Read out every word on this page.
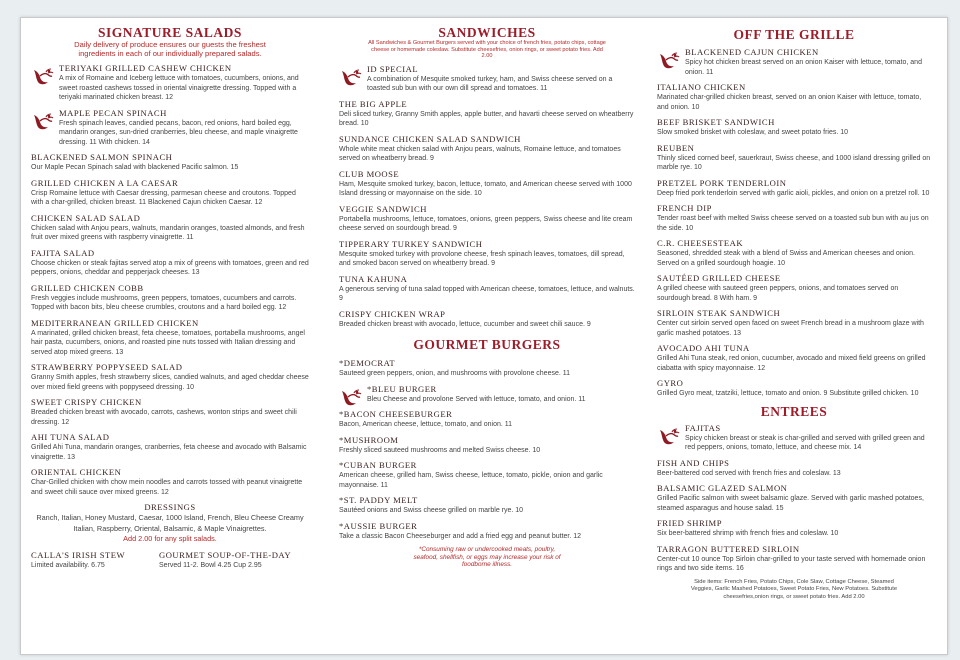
SIGNATURE SALADS

Daily delivery of produce ensures our guests the freshest ingredients in each of our individually prepared salads.

TERIYAKI GRILLED CASHEW CHICKEN
A mix of Romaine and Iceberg lettuce with tomatoes, cucumbers, onions, and sweet roasted cashews tossed in oriental vinaigrette dressing. Topped with a teriyaki marinated chicken breast. 12
MAPLE PECAN SPINACH
Fresh spinach leaves, candied pecans, bacon, red onions, hard boiled egg, mandarin oranges, sun-dried cranberries, bleu cheese, and maple vinaigrette dressing. 11 With chicken. 14
BLACKENED SALMON SPINACH
Our Maple Pecan Spinach salad with blackened Pacific salmon. 15
GRILLED CHICKEN A LA CAESAR
Crisp Romaine lettuce with Caesar dressing, parmesan cheese and croutons. Topped with a char-grilled, chicken breast. 11 Blackened Cajun chicken Caesar. 12
CHICKEN SALAD SALAD
Chicken salad with Anjou pears, walnuts, mandarin oranges, toasted almonds, and fresh fruit over mixed greens with raspberry vinaigrette. 11
FAJITA SALAD
Choose chicken or steak fajitas served atop a mix of greens with tomatoes, green and red peppers, onions, cheddar and pepperjack cheeses. 13
GRILLED CHICKEN COBB
Fresh veggies include mushrooms, green peppers, tomatoes, cucumbers and carrots. Topped with bacon bits, bleu cheese crumbles, croutons and a hard boiled egg. 12
MEDITERRANEAN GRILLED CHICKEN
A marinated, grilled chicken breast, feta cheese, tomatoes, portabella mushrooms, angel hair pasta, cucumbers, onions, and roasted pine nuts tossed with Italian dressing and served atop mixed greens. 13
STRAWBERRY POPPYSEED SALAD
Granny Smith apples, fresh strawberry slices, candied walnuts, and aged cheddar cheese over mixed field greens with poppyseed dressing. 10
SWEET CRISPY CHICKEN
Breaded chicken breast with avocado, carrots, cashews, wonton strips and sweet chili dressing. 12
AHI TUNA SALAD
Grilled Ahi Tuna, mandarin oranges, cranberries, feta cheese and avocado with Balsamic vinaigrette. 13
ORIENTAL CHICKEN
Char-Grilled chicken with chow mein noodles and carrots tossed with peanut vinaigrette and sweet chili sauce over mixed greens. 12
DRESSINGS
Ranch, Italian, Honey Mustard, Caesar, 1000 Island, French, Bleu Cheese Creamy Italian, Raspberry, Oriental, Balsamic, & Maple Vinaigrettes.
Add 2.00 for any split salads.
CALLA'S IRISH STEW
Limited availability. 6.75
GOURMET SOUP-OF-THE-DAY
Served 11-2. Bowl 4.25 Cup 2.95
SANDWICHES

All Sandwiches & Gourmet Burgers served with your choice of french fries, potato chips, cottage cheese or homemade coleslaw. Substitute cheesefries, onion rings, or sweet potato fries. Add 2.00

ID SPECIAL
A combination of Mesquite smoked turkey, ham, and Swiss cheese served on a toasted sub bun with our own dill spread and tomatoes. 11
THE BIG APPLE
Deli sliced turkey, Granny Smith apples, apple butter, and havarti cheese served on wheatberry bread. 10
SUNDANCE CHICKEN SALAD SANDWICH
Whole white meat chicken salad with Anjou pears, walnuts, Romaine lettuce, and tomatoes served on wheatberry bread. 9
CLUB MOOSE
Ham, Mesquite smoked turkey, bacon, lettuce, tomato, and American cheese served with 1000 Island dressing or mayonnaise on the side. 10
VEGGIE SANDWICH
Portabella mushrooms, lettuce, tomatoes, onions, green peppers, Swiss cheese and lite cream cheese served on sourdough bread. 9
TIPPERARY TURKEY SANDWICH
Mesquite smoked turkey with provolone cheese, fresh spinach leaves, tomatoes, dill spread, and smoked bacon served on wheatberry bread. 9
TUNA KAHUNA
A generous serving of tuna salad topped with American cheese, tomatoes, lettuce, and walnuts. 9
CRISPY CHICKEN WRAP
Breaded chicken breast with avocado, lettuce, cucumber and sweet chili sauce. 9
GOURMET BURGERS
*DEMOCRAT
Sauteed green peppers, onion, and mushrooms with provolone cheese. 11
*BLEU BURGER
Bleu Cheese and provolone Served with lettuce, tomato, and onion. 11
*BACON CHEESEBURGER
Bacon, American cheese, lettuce, tomato, and onion. 11
*MUSHROOM
Freshly sliced sauteed mushrooms and melted Swiss cheese. 10
*CUBAN BURGER
American cheese, grilled ham, Swiss cheese, lettuce, tomato, pickle, onion and garlic mayonnaise. 11
*ST. PADDY MELT
Sautéed onions and Swiss cheese grilled on marble rye. 10
*AUSSIE BURGER
Take a classic Bacon Cheeseburger and add a fried egg and peanut butter. 12
*Consuming raw or undercooked meats, poultry, seafood, shellfish, or eggs may increase your risk of foodborne illness.
OFF THE GRILLE
BLACKENED CAJUN CHICKEN
Spicy hot chicken breast served on an onion Kaiser with lettuce, tomato, and onion. 11
ITALIANO CHICKEN
Marinated char-grilled chicken breast, served on an onion Kaiser with lettuce, tomato, and onion. 10
BEEF BRISKET SANDWICH
Slow smoked brisket with coleslaw, and sweet potato fries. 10
REUBEN
Thinly sliced corned beef, sauerkraut, Swiss cheese, and 1000 island dressing grilled on marble rye. 10
PRETZEL PORK TENDERLOIN
Deep fried pork tenderloin served with garlic aioli, pickles, and onion on a pretzel roll. 10
FRENCH DIP
Tender roast beef with melted Swiss cheese served on a toasted sub bun with au jus on the side. 10
C.R. CHEESESTEAK
Seasoned, shredded steak with a blend of Swiss and American cheeses and onion. Served on a grilled sourdough hoagie. 10
SAUTÉED GRILLED CHEESE
A grilled cheese with sauteed green peppers, onions, and tomatoes served on sourdough bread. 8 With ham. 9
SIRLOIN STEAK SANDWICH
Center cut sirloin served open faced on sweet French bread in a mushroom glaze with garlic mashed potatoes. 13
AVOCADO AHI TUNA
Grilled Ahi Tuna steak, red onion, cucumber, avocado and mixed field greens on grilled ciabatta with spicy mayonnaise. 12
GYRO
Grilled Gyro meat, tzatziki, lettuce, tomato and onion. 9 Substitute grilled chicken. 10
ENTREES
FAJITAS
Spicy chicken breast or steak is char-grilled and served with grilled green and red peppers, onions, tomato, lettuce, and cheese mix. 14
FISH AND CHIPS
Beer-battered cod served with french fries and coleslaw. 13
BALSAMIC GLAZED SALMON
Grilled Pacific salmon with sweet balsamic glaze. Served with garlic mashed potatoes, steamed asparagus and house salad. 15
FRIED SHRIMP
Six beer-battered shrimp with french fries and coleslaw. 10
TARRAGON BUTTERED SIRLOIN
Center-cut 10 ounce Top Sirloin char-grilled to your taste served with homemade onion rings and two side items. 16
Side items: French Fries, Potato Chips, Cole Slaw, Cottage Cheese, Steamed Veggies, Garlic Mashed Potatoes, Sweet Potato Fries, New Potatoes. Substitute cheesefries,onion rings, or sweet potato fries. Add 2.00
